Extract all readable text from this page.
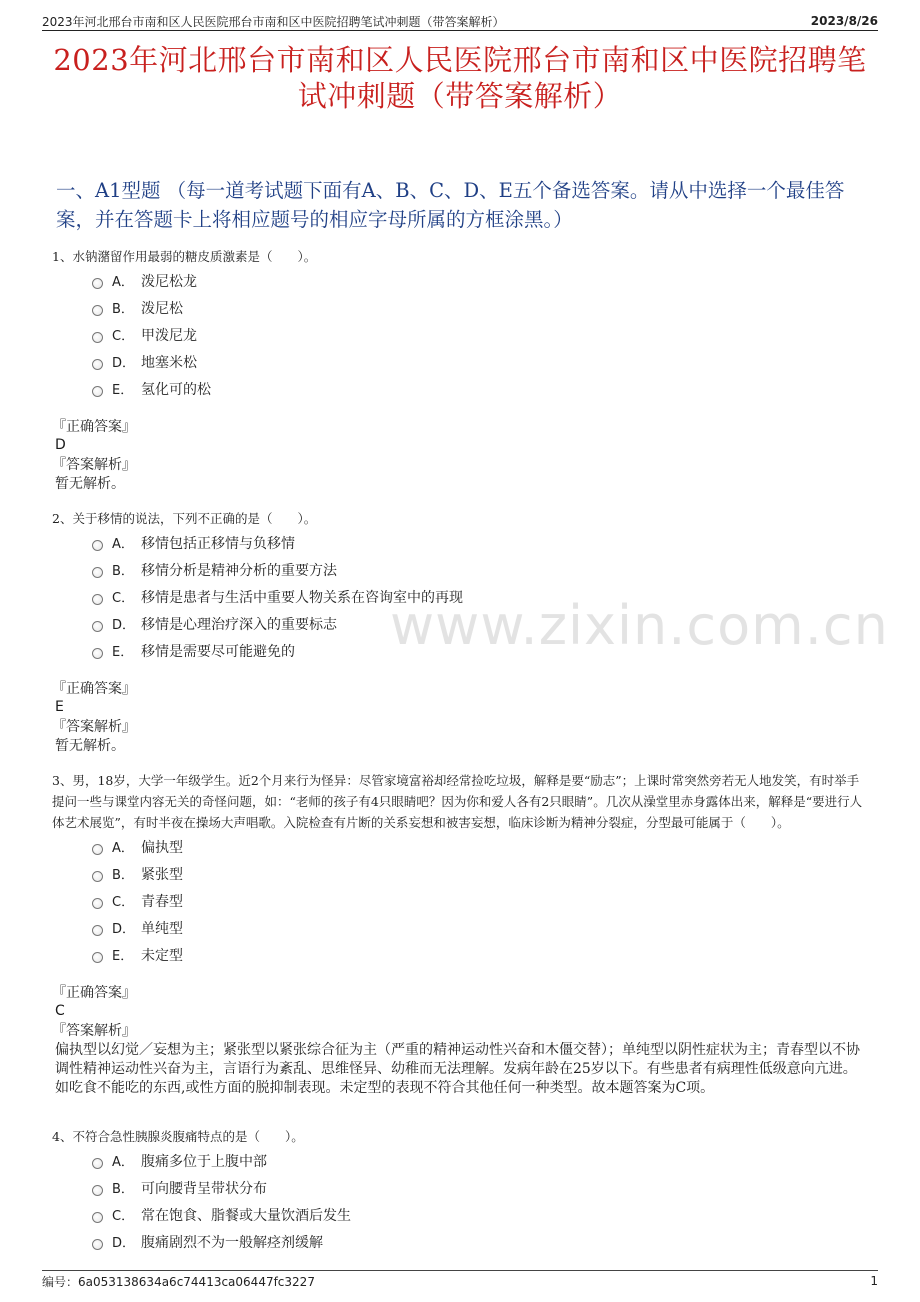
2023年河北邢台市南和区人民医院邢台市南和区中医院招聘笔试冲刺题（带答案解析）	2023/8/26
2023年河北邢台市南和区人民医院邢台市南和区中医院招聘笔试冲刺题（带答案解析）
一、A1型题 （每一道考试题下面有A、B、C、D、E五个备选答案。请从中选择一个最佳答案，并在答题卡上将相应题号的相应字母所属的方框涂黑。）
www.zixin.com.cn
1、水钠潴留作用最弱的糖皮质激素是（　　）。
A． 泼尼松龙
B． 泼尼松
C． 甲泼尼龙
D． 地塞米松
E． 氢化可的松
『正确答案』
D
『答案解析』
暂无解析。
2、关于移情的说法，下列不正确的是（　　）。
A． 移情包括正移情与负移情
B． 移情分析是精神分析的重要方法
C． 移情是患者与生活中重要人物关系在咨询室中的再现
D． 移情是心理治疗深入的重要标志
E． 移情是需要尽可能避免的
『正确答案』
E
『答案解析』
暂无解析。
3、男，18岁，大学一年级学生。近2个月来行为怪异：尽管家境富裕却经常捡吃垃圾，解释是要“励志”；上课时常突然旁若无人地发笑，有时举手提问一些与课堂内容无关的奇怪问题，如：“老师的孩子有4只眼睛吧？因为你和爱人各有2只眼睛”。几次从澡堂里赤身露体出来，解释是“要进行人体艺术展览”，有时半夜在操场大声唱歌。入院检查有片断的关系妄想和被害妄想，临床诊断为精神分裂症，分型最可能属于（　　）。
A． 偏执型
B． 紧张型
C． 青春型
D． 单纯型
E． 未定型
『正确答案』
C
『答案解析』
偏执型以幻觉／妄想为主；紧张型以紧张综合征为主（严重的精神运动性兴奋和木僵交替）；单纯型以阴性症状为主；青春型以不协调性精神运动性兴奋为主，言语行为紊乱、思维怪异、幼稚而无法理解。发病年龄在25岁以下。有些患者有病理性低级意向亢进。如吃食不能吃的东西,或性方面的脱抑制表现。未定型的表现不符合其他任何一种类型。故本题答案为C项。
4、不符合急性胰腺炎腹痛特点的是（　　）。
A． 腹痛多位于上腹中部
B． 可向腰背呈带状分布
C． 常在饱食、脂餐或大量饮酒后发生
D． 腹痛剧烈不为一般解痉剂缓解
编号：6a053138634a6c74413ca06447fc3227	1
